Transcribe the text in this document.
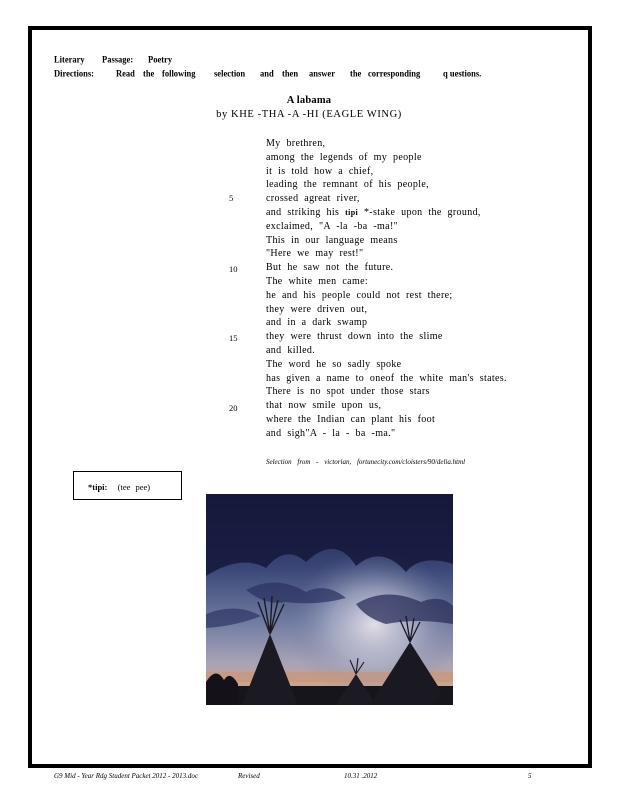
Literary Passage: Poetry
Directions:	Read the following selection and then answer the corresponding	q uestions.
A labama
by KHE -THA -A -HI (EAGLE WING)
5
10
15
20
My brethren,
among the legends of my people
it is told how a chief,
leading the remnant of his people,
crossed agreat river,
and striking his tipi *-stake upon the ground,
exclaimed, "A -la -ba -ma!"
This in our language means
"Here we may rest!"
But he saw not the future.
The white men came:
he and his people could not rest there;
they were driven out,
and in a dark swamp
they were thrust down into the slime
and killed.
The word he so sadly spoke
has given a name to oneof the white man's states.
There is no spot under those stars
that now smile upon us,
where the Indian can plant his foot
and sigh"A - la - ba -ma."
Selection from - victorian, fortunecity.com/cloisters/90/delia.html
*tipi: (tee pee)
G9 Mid - Year Rdg Student Packet 2012 - 2013.doc	Revised	10.31 .2012	5
